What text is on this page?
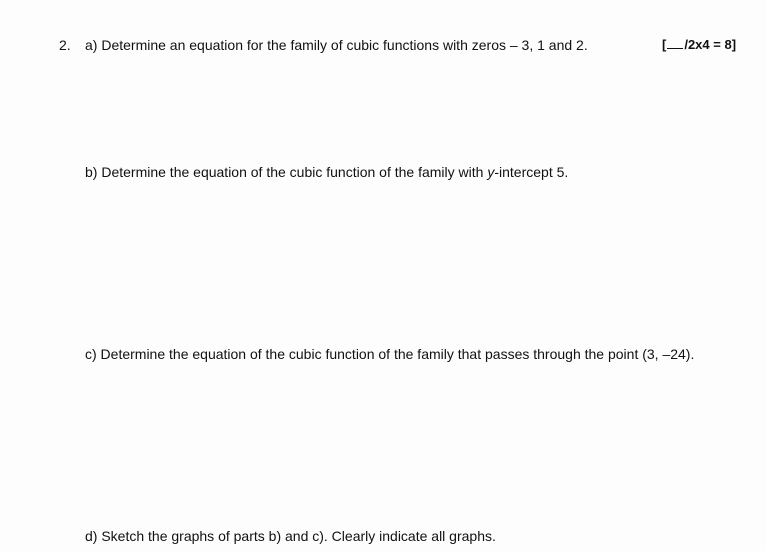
2. a) Determine an equation for the family of cubic functions with zeros – 3, 1 and 2.	[ /2x4 = 8]
b) Determine the equation of the cubic function of the family with y-intercept 5.
c) Determine the equation of the cubic function of the family that passes through the point (3, –24).
d) Sketch the graphs of parts b) and c). Clearly indicate all graphs.
